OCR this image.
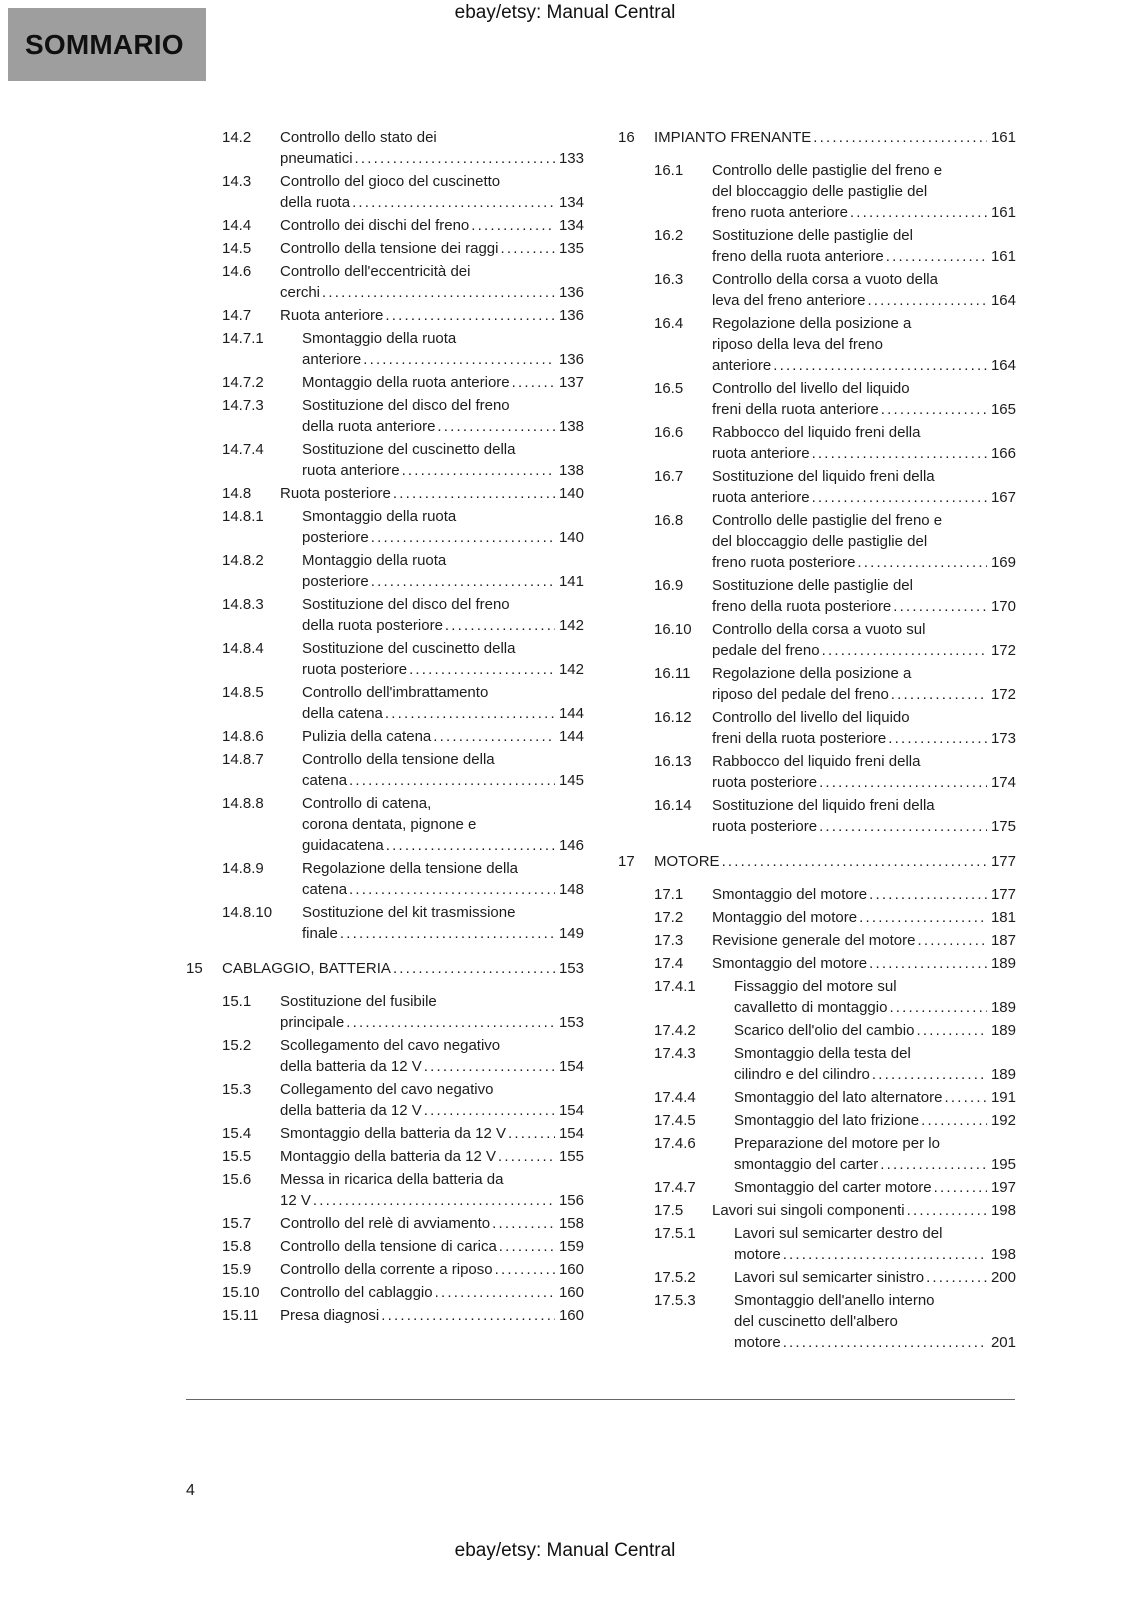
ebay/etsy: Manual Central
SOMMARIO
14.2	Controllo dello stato dei
pneumatici .....	133
14.3	Controllo del gioco del cuscinetto
della ruota .....	134
14.4	Controllo dei dischi del freno .....	134
14.5	Controllo della tensione dei raggi .....	135
14.6	Controllo dell'eccentricità dei
cerchi .....	136
14.7	Ruota anteriore .....	136
14.7.1	Smontaggio della ruota
anteriore .....	136
14.7.2	Montaggio della ruota anteriore .....	137
14.7.3	Sostituzione del disco del freno
della ruota anteriore .....	138
14.7.4	Sostituzione del cuscinetto della
ruota anteriore .....	138
14.8	Ruota posteriore .....	140
14.8.1	Smontaggio della ruota
posteriore .....	140
14.8.2	Montaggio della ruota
posteriore .....	141
14.8.3	Sostituzione del disco del freno
della ruota posteriore .....	142
14.8.4	Sostituzione del cuscinetto della
ruota posteriore .....	142
14.8.5	Controllo dell'imbrattamento
della catena .....	144
14.8.6	Pulizia della catena .....	144
14.8.7	Controllo della tensione della
catena .....	145
14.8.8	Controllo di catena,
corona dentata, pignone e
guidacatena .....	146
14.8.9	Regolazione della tensione della
catena .....	148
14.8.10	Sostituzione del kit trasmissione
finale .....	149
15	CABLAGGIO, BATTERIA .....	153
15.1	Sostituzione del fusibile
principale .....	153
15.2	Scollegamento del cavo negativo
della batteria da 12 V .....	154
15.3	Collegamento del cavo negativo
della batteria da 12 V .....	154
15.4	Smontaggio della batteria da 12 V .....	154
15.5	Montaggio della batteria da 12 V .....	155
15.6	Messa in ricarica della batteria da
12 V .....	156
15.7	Controllo del relè di avviamento .....	158
15.8	Controllo della tensione di carica .....	159
15.9	Controllo della corrente a riposo .....	160
15.10	Controllo del cablaggio .....	160
15.11	Presa diagnosi .....	160
16	IMPIANTO FRENANTE .....	161
16.1	Controllo delle pastiglie del freno e
del bloccaggio delle pastiglie del
freno ruota anteriore .....	161
16.2	Sostituzione delle pastiglie del
freno della ruota anteriore .....	161
16.3	Controllo della corsa a vuoto della
leva del freno anteriore .....	164
16.4	Regolazione della posizione a
riposo della leva del freno
anteriore .....	164
16.5	Controllo del livello del liquido
freni della ruota anteriore .....	165
16.6	Rabbocco del liquido freni della
ruota anteriore .....	166
16.7	Sostituzione del liquido freni della
ruota anteriore .....	167
16.8	Controllo delle pastiglie del freno e
del bloccaggio delle pastiglie del
freno ruota posteriore .....	169
16.9	Sostituzione delle pastiglie del
freno della ruota posteriore .....	170
16.10	Controllo della corsa a vuoto sul
pedale del freno .....	172
16.11	Regolazione della posizione a
riposo del pedale del freno .....	172
16.12	Controllo del livello del liquido
freni della ruota posteriore .....	173
16.13	Rabbocco del liquido freni della
ruota posteriore .....	174
16.14	Sostituzione del liquido freni della
ruota posteriore .....	175
17	MOTORE .....	177
17.1	Smontaggio del motore .....	177
17.2	Montaggio del motore .....	181
17.3	Revisione generale del motore .....	187
17.4	Smontaggio del motore .....	189
17.4.1	Fissaggio del motore sul
cavalletto di montaggio .....	189
17.4.2	Scarico dell'olio del cambio .....	189
17.4.3	Smontaggio della testa del
cilindro e del cilindro .....	189
17.4.4	Smontaggio del lato alternatore .....	191
17.4.5	Smontaggio del lato frizione .....	192
17.4.6	Preparazione del motore per lo
smontaggio del carter .....	195
17.4.7	Smontaggio del carter motore .....	197
17.5	Lavori sui singoli componenti .....	198
17.5.1	Lavori sul semicarter destro del
motore .....	198
17.5.2	Lavori sul semicarter sinistro .....	200
17.5.3	Smontaggio dell'anello interno
del cuscinetto dell'albero
motore .....	201
4
ebay/etsy: Manual Central
